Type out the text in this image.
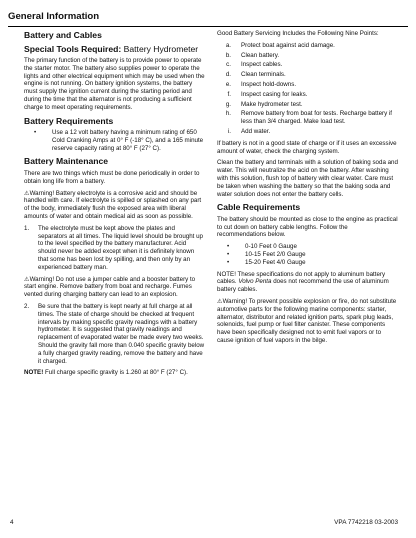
General Information
Battery and Cables
Special Tools Required: Battery Hydrometer

The primary function of the battery is to provide power to operate the starter motor. The battery also supplies power to operate the lights and other electrical equipment which may be used when the engine is not running. On battery ignition systems, the battery must supply the ignition current during the starting period and during the time that the alternator is not producing a sufficient charge to meet operating requirements.

Battery Requirements
•	Use a 12 volt battery having a minimum rating of 650 Cold Cranking Amps at 0° F (-18° C), and a 165 minute reserve capacity rating at 80° F (27° C).
Battery Maintenance

There are two things which must be done periodically in order to obtain long life from a battery.

⚠Warning! Battery electrolyte is a corrosive acid and should be handled with care. If electrolyte is spilled or splashed on any part of the body, immediately flush the exposed area with liberal amounts of water and obtain medical aid as soon as possible.

1. The electrolyte must be kept above the plates and separators at all times. The liquid level should be brought up to the level specified by the battery manufacturer. Acid should never be added except when it is definitely known that some has been lost by spilling, and then only by an experienced battery man.

⚠Warning! Do not use a jumper cable and a booster battery to start engine. Remove battery from boat and recharge. Fumes vented during charging battery can lead to an explosion.

2. Be sure that the battery is kept nearly at full charge at all times. The state of charge should be checked at frequent intervals by making specific gravity readings with a battery hydrometer. It is suggested that gravity readings and replacement of evaporated water be made every two weeks. Should the gravity fall more than 0.040 specific gravity below a fully charged gravity reading, remove the battery and have it charged.

NOTE! Full charge specific gravity is 1.260 at 80° F (27° C).

Good Battery Servicing Includes the Following Nine Points:

a. Protect boat against acid damage.
b. Clean battery.
c. Inspect cables.
d. Clean terminals.
e. Inspect hold-downs.
f. Inspect casing for leaks.
g. Make hydrometer test.
h. Remove battery from boat for tests. Recharge battery if less than 3/4 charged. Make load test.
i. Add water.

If battery is not in a good state of charge or if it uses an excessive amount of water, check the charging system.

Clean the battery and terminals with a solution of baking soda and water. This will neutralize the acid on the battery. After washing with this solution, flush top of battery with clear water. Care must be taken when washing the battery so that the baking soda and water solution does not enter the battery cells.

Cable Requirements

The battery should be mounted as close to the engine as practical to cut down on battery cable lengths. Follow the recommendations below.

•	0-10 Feet 0 Gauge
•	10-15 Feet 2/0 Gauge
•	15-20 Feet 4/0 Gauge

NOTE! These specifications do not apply to aluminum battery cables. Volvo Penta does not recommend the use of aluminum battery cables.

⚠Warning! To prevent possible explosion or fire, do not substitute automotive parts for the following marine components: starter, alternator, distributor and related ignition parts, spark plug leads, solenoids, fuel pump or fuel filter canister. These components have been specifically designed not to emit fuel vapors or to cause ignition of fuel vapors in the bilge.

4	VPA 7742218 03-2003
